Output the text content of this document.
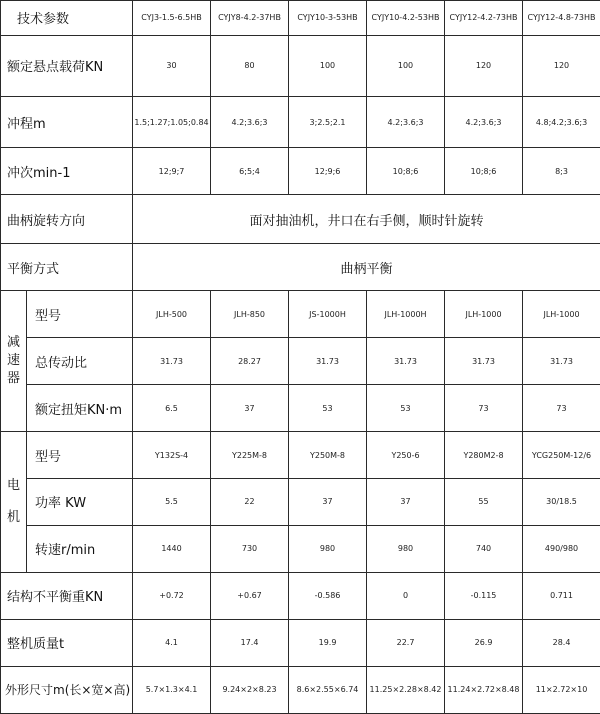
技术参数		CYJ3-1.5-6.5HB	CYJY8-4.2-37HB	CYJY10-3-53HB	CYJY10-4.2-53HB	CYJY12-4.2-73HB	CYJY12-4.8-73HB
额定悬点载荷KN		30	80	100	100	120	120
冲程m		1.5;1.27;1.05;0.84	4.2;3.6;3	3;2.5;2.1	4.2;3.6;3	4.2;3.6;3	4.8;4.2;3.6;3
冲次min-1		12;9;7	6;5;4	12;9;6	10;8;6	10;8;6	8;3
曲柄旋转方向		面对抽油机，井口在右手侧，顺时针旋转					
平衡方式		曲柄平衡					

减
速
器	型号	JLH-500	JLH-850	JS-1000H	JLH-1000H	JLH-1000	JLH-1000
	总传动比	31.73	28.27	31.73	31.73	31.73	31.73
	额定扭矩KN·m	6.5	37	53	53	73	73

电
机	型号	Y132S-4	Y225M-8	Y250M-8	Y250-6	Y280M2-8	YCG250M-12/6
	功率 KW	5.5	22	37	37	55	30/18.5
	转速r/min	1440	730	980	980	740	490/980
结构不平衡重KN		+0.72	+0.67	-0.586	0	-0.115	0.711
整机质量t		4.1	17.4	19.9	22.7	26.9	28.4
外形尺寸m(长×宽×高)		5.7×1.3×4.1	9.24×2×8.23	8.6×2.55×6.74	11.25×2.28×8.42	11.24×2.72×8.48	11×2.72×10
